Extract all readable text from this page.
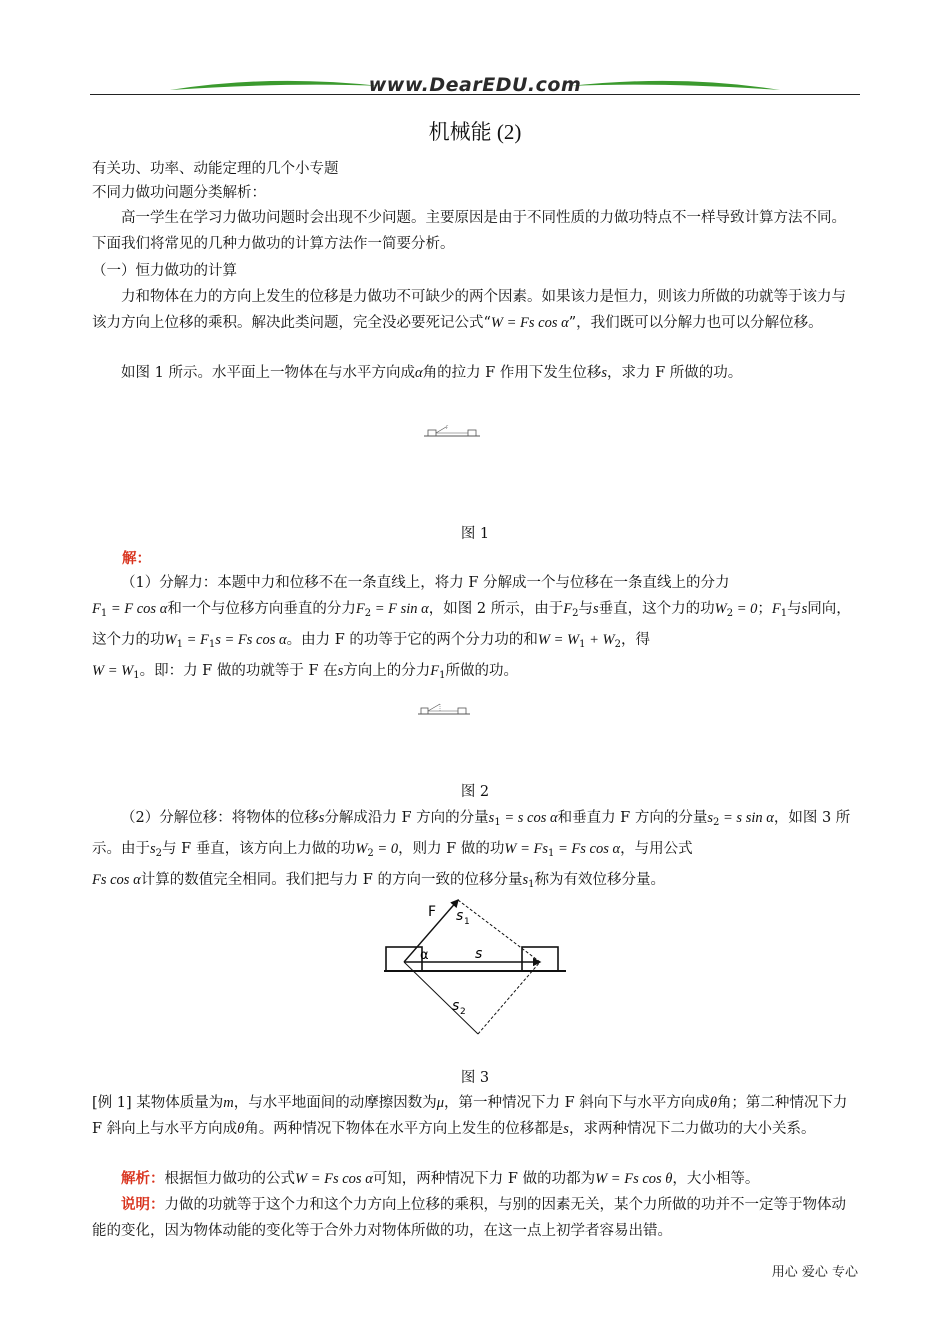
www.DearEDU.com
机械能 (2)

有关功、功率、动能定理的几个小专题

不同力做功问题分类解析：

高一学生在学习力做功问题时会出现不少问题。主要原因是由于不同性质的力做功特点不一样导致计算方法不同。下面我们将常见的几种力做功的计算方法作一简要分析。

（一）恒力做功的计算

力和物体在力的方向上发生的位移是力做功不可缺少的两个因素。如果该力是恒力，则该力所做的功就等于该力与该力方向上位移的乘积。解决此类问题，完全没必要死记公式“W = Fs cos α”，我们既可以分解力也可以分解位移。

如图 1 所示。水平面上一物体在与水平方向成α角的拉力 F 作用下发生位移s，求力 F 所做的功。

F
图 1

解：

（1）分解力：本题中力和位移不在一条直线上，将力 F 分解成一个与位移在一条直线上的分力
$F_1 = F$ cos α和一个与位移方向垂直的分力$F_2 = F$ sin α，如图 2 所示，由于$F_2$与s垂直，这个力的功$W_2 = 0$；$F_1$与s同向，这个力的功$W_1 = F_1s = Fs$ cos α。由力 F 的功等于它的两个分力功的和$W = W_1 + W_2$，得
$W = W_1$。即：力 F 做的功就等于 F 在s方向上的分力$F_1$所做的功。

图 2

（2）分解位移：将物体的位移s分解成沿力 F 方向的分量$s_1 = s$ cos α和垂直力 F 方向的分量$s_2 = s$ sin α，如图 3 所示。由于$s_2$与 F 垂直，该方向上力做的功$W_2 = 0$，则力 F 做的功$W = Fs_1 = Fs$ cos α，与用公式
Fs cos α计算的数值完全相同。我们把与力 F 的方向一致的位移分量$s_1$称为有效位移分量。

F s 1
α	s
s 2
图 3

[例 1] 某物体质量为m，与水平地面间的动摩擦因数为μ，第一种情况下力 F 斜向下与水平方向成θ角；第二种情况下力 F 斜向上与水平方向成θ角。两种情况下物体在水平方向上发生的位移都是s，求两种情况下二力做功的大小关系。

解析：根据恒力做功的公式W = Fs cos α可知，两种情况下力 F 做的功都为W = Fs cos θ，大小相等。

说明：力做的功就等于这个力和这个力方向上位移的乘积，与别的因素无关，某个力所做的功并不一定等于物体动能的变化，因为物体动能的变化等于合外力对物体所做的功，在这一点上初学者容易出错。

用心 爱心 专心
